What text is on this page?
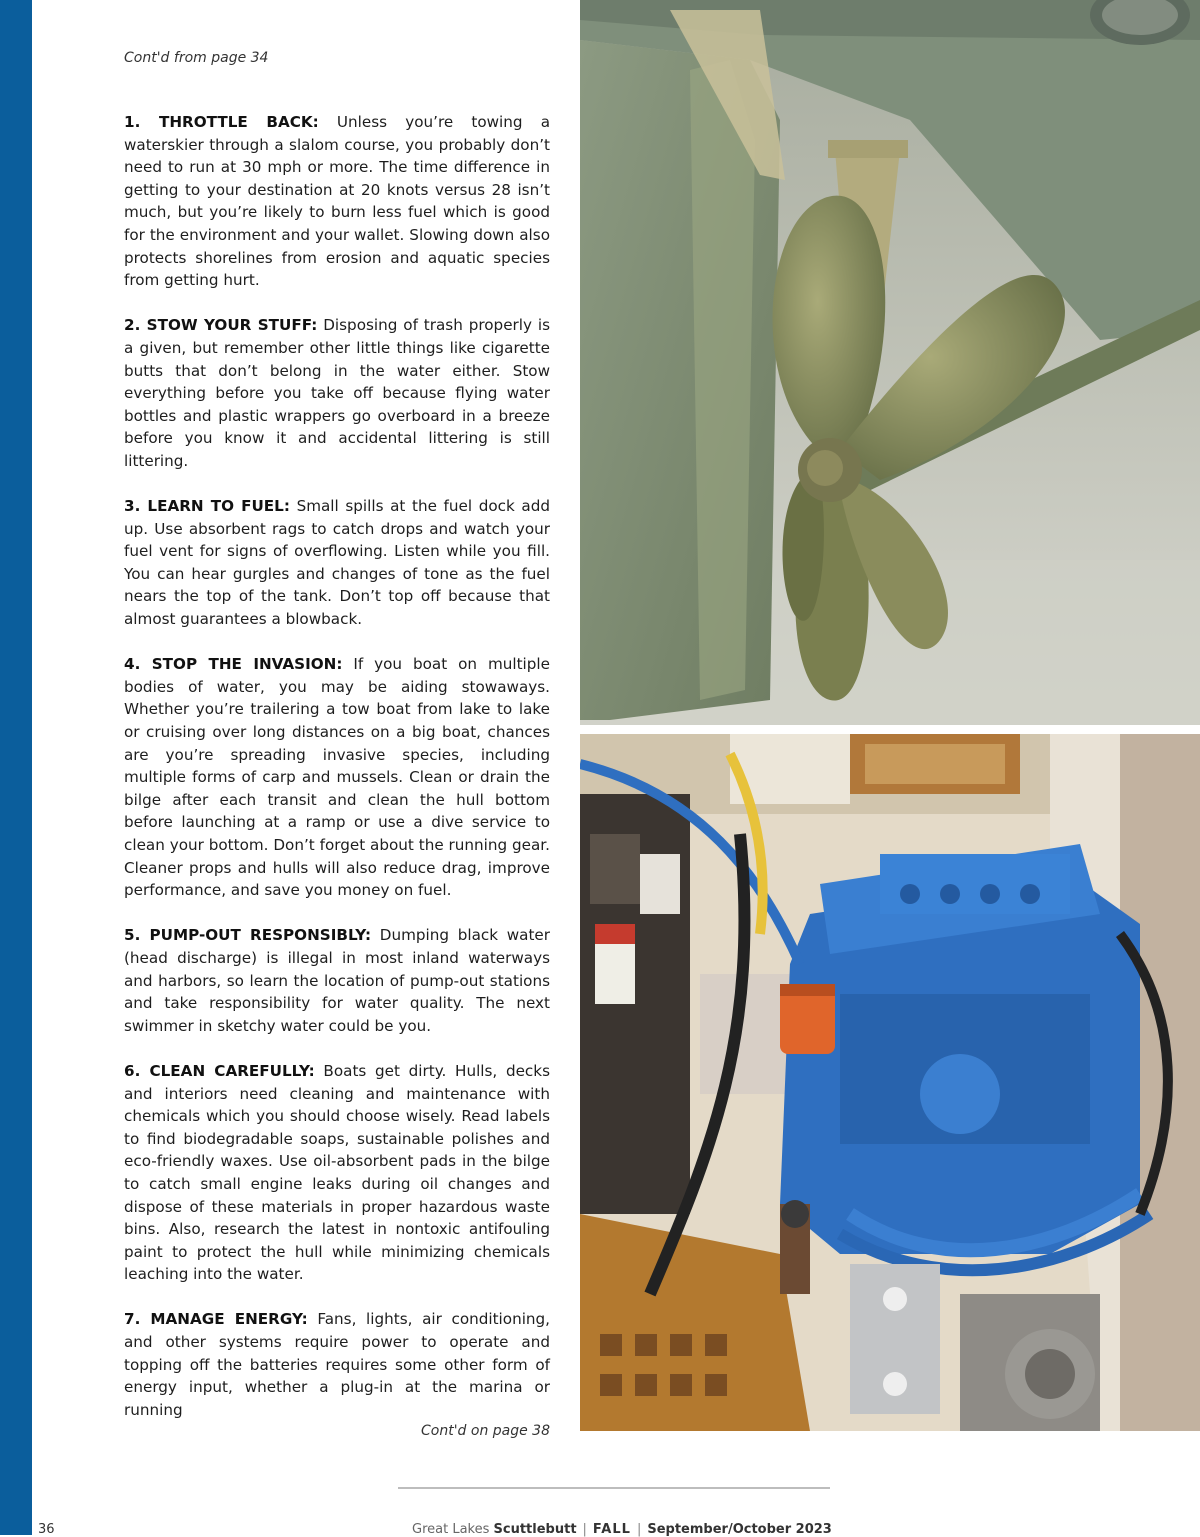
Cont'd from page 34

1. THROTTLE BACK: Unless you’re towing a waterskier through a slalom course, you probably don’t need to run at 30 mph or more. The time difference in getting to your destination at 20 knots versus 28 isn’t much, but you’re likely to burn less fuel which is good for the environment and your wallet. Slowing down also protects shorelines from erosion and aquatic species from getting hurt.

2. STOW YOUR STUFF: Disposing of trash properly is a given, but remember other little things like cigarette butts that don’t belong in the water either. Stow everything before you take off because flying water bottles and plastic wrappers go overboard in a breeze before you know it and accidental littering is still littering.

3. LEARN TO FUEL: Small spills at the fuel dock add up. Use absorbent rags to catch drops and watch your fuel vent for signs of overflowing. Listen while you fill. You can hear gurgles and changes of tone as the fuel nears the top of the tank. Don’t top off because that almost guarantees a blowback.

4. STOP THE INVASION: If you boat on multiple bodies of water, you may be aiding stowaways. Whether you’re trailering a tow boat from lake to lake or cruising over long distances on a big boat, chances are you’re spreading invasive species, including multiple forms of carp and mussels. Clean or drain the bilge after each transit and clean the hull bottom before launching at a ramp or use a dive service to clean your bottom. Don’t forget about the running gear. Cleaner props and hulls will also reduce drag, improve performance, and save you money on fuel.

5. PUMP-OUT RESPONSIBLY: Dumping black water (head discharge) is illegal in most inland waterways and harbors, so learn the location of pump-out stations and take responsibility for water quality. The next swimmer in sketchy water could be you.

6. CLEAN CAREFULLY: Boats get dirty. Hulls, decks and interiors need cleaning and maintenance with chemicals which you should choose wisely. Read labels to find biodegradable soaps, sustainable polishes and eco-friendly waxes. Use oil-absorbent pads in the bilge to catch small engine leaks during oil changes and dispose of these materials in proper hazardous waste bins. Also, research the latest in nontoxic antifouling paint to protect the hull while minimizing chemicals leaching into the water.

7. MANAGE ENERGY: Fans, lights, air conditioning, and other systems require power to operate and topping off the batteries requires some other form of energy input, whether a plug-in at the marina or running

Cont'd on page 38
36	Great Lakes Scuttlebutt | FALL | September/October 2023
